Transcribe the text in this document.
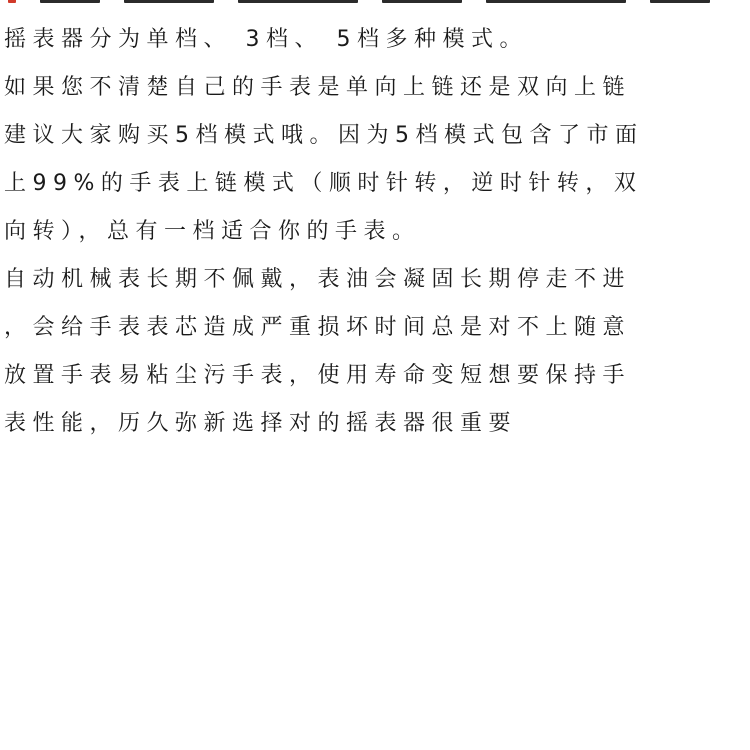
摇表器分为单档、 3档、 5档多种模式。
如果您不清楚自己的手表是单向上链还是双向上链
建议大家购买5档模式哦。因为5档模式包含了市面
上99%的手表上链模式（顺时针转，逆时针转，双
向转），总有一档适合你的手表。
自动机械表长期不佩戴，表油会凝固长期停走不进
，会给手表表芯造成严重损坏时间总是对不上随意
放置手表易粘尘污手表，使用寿命变短想要保持手
表性能，历久弥新选择对的摇表器很重要
